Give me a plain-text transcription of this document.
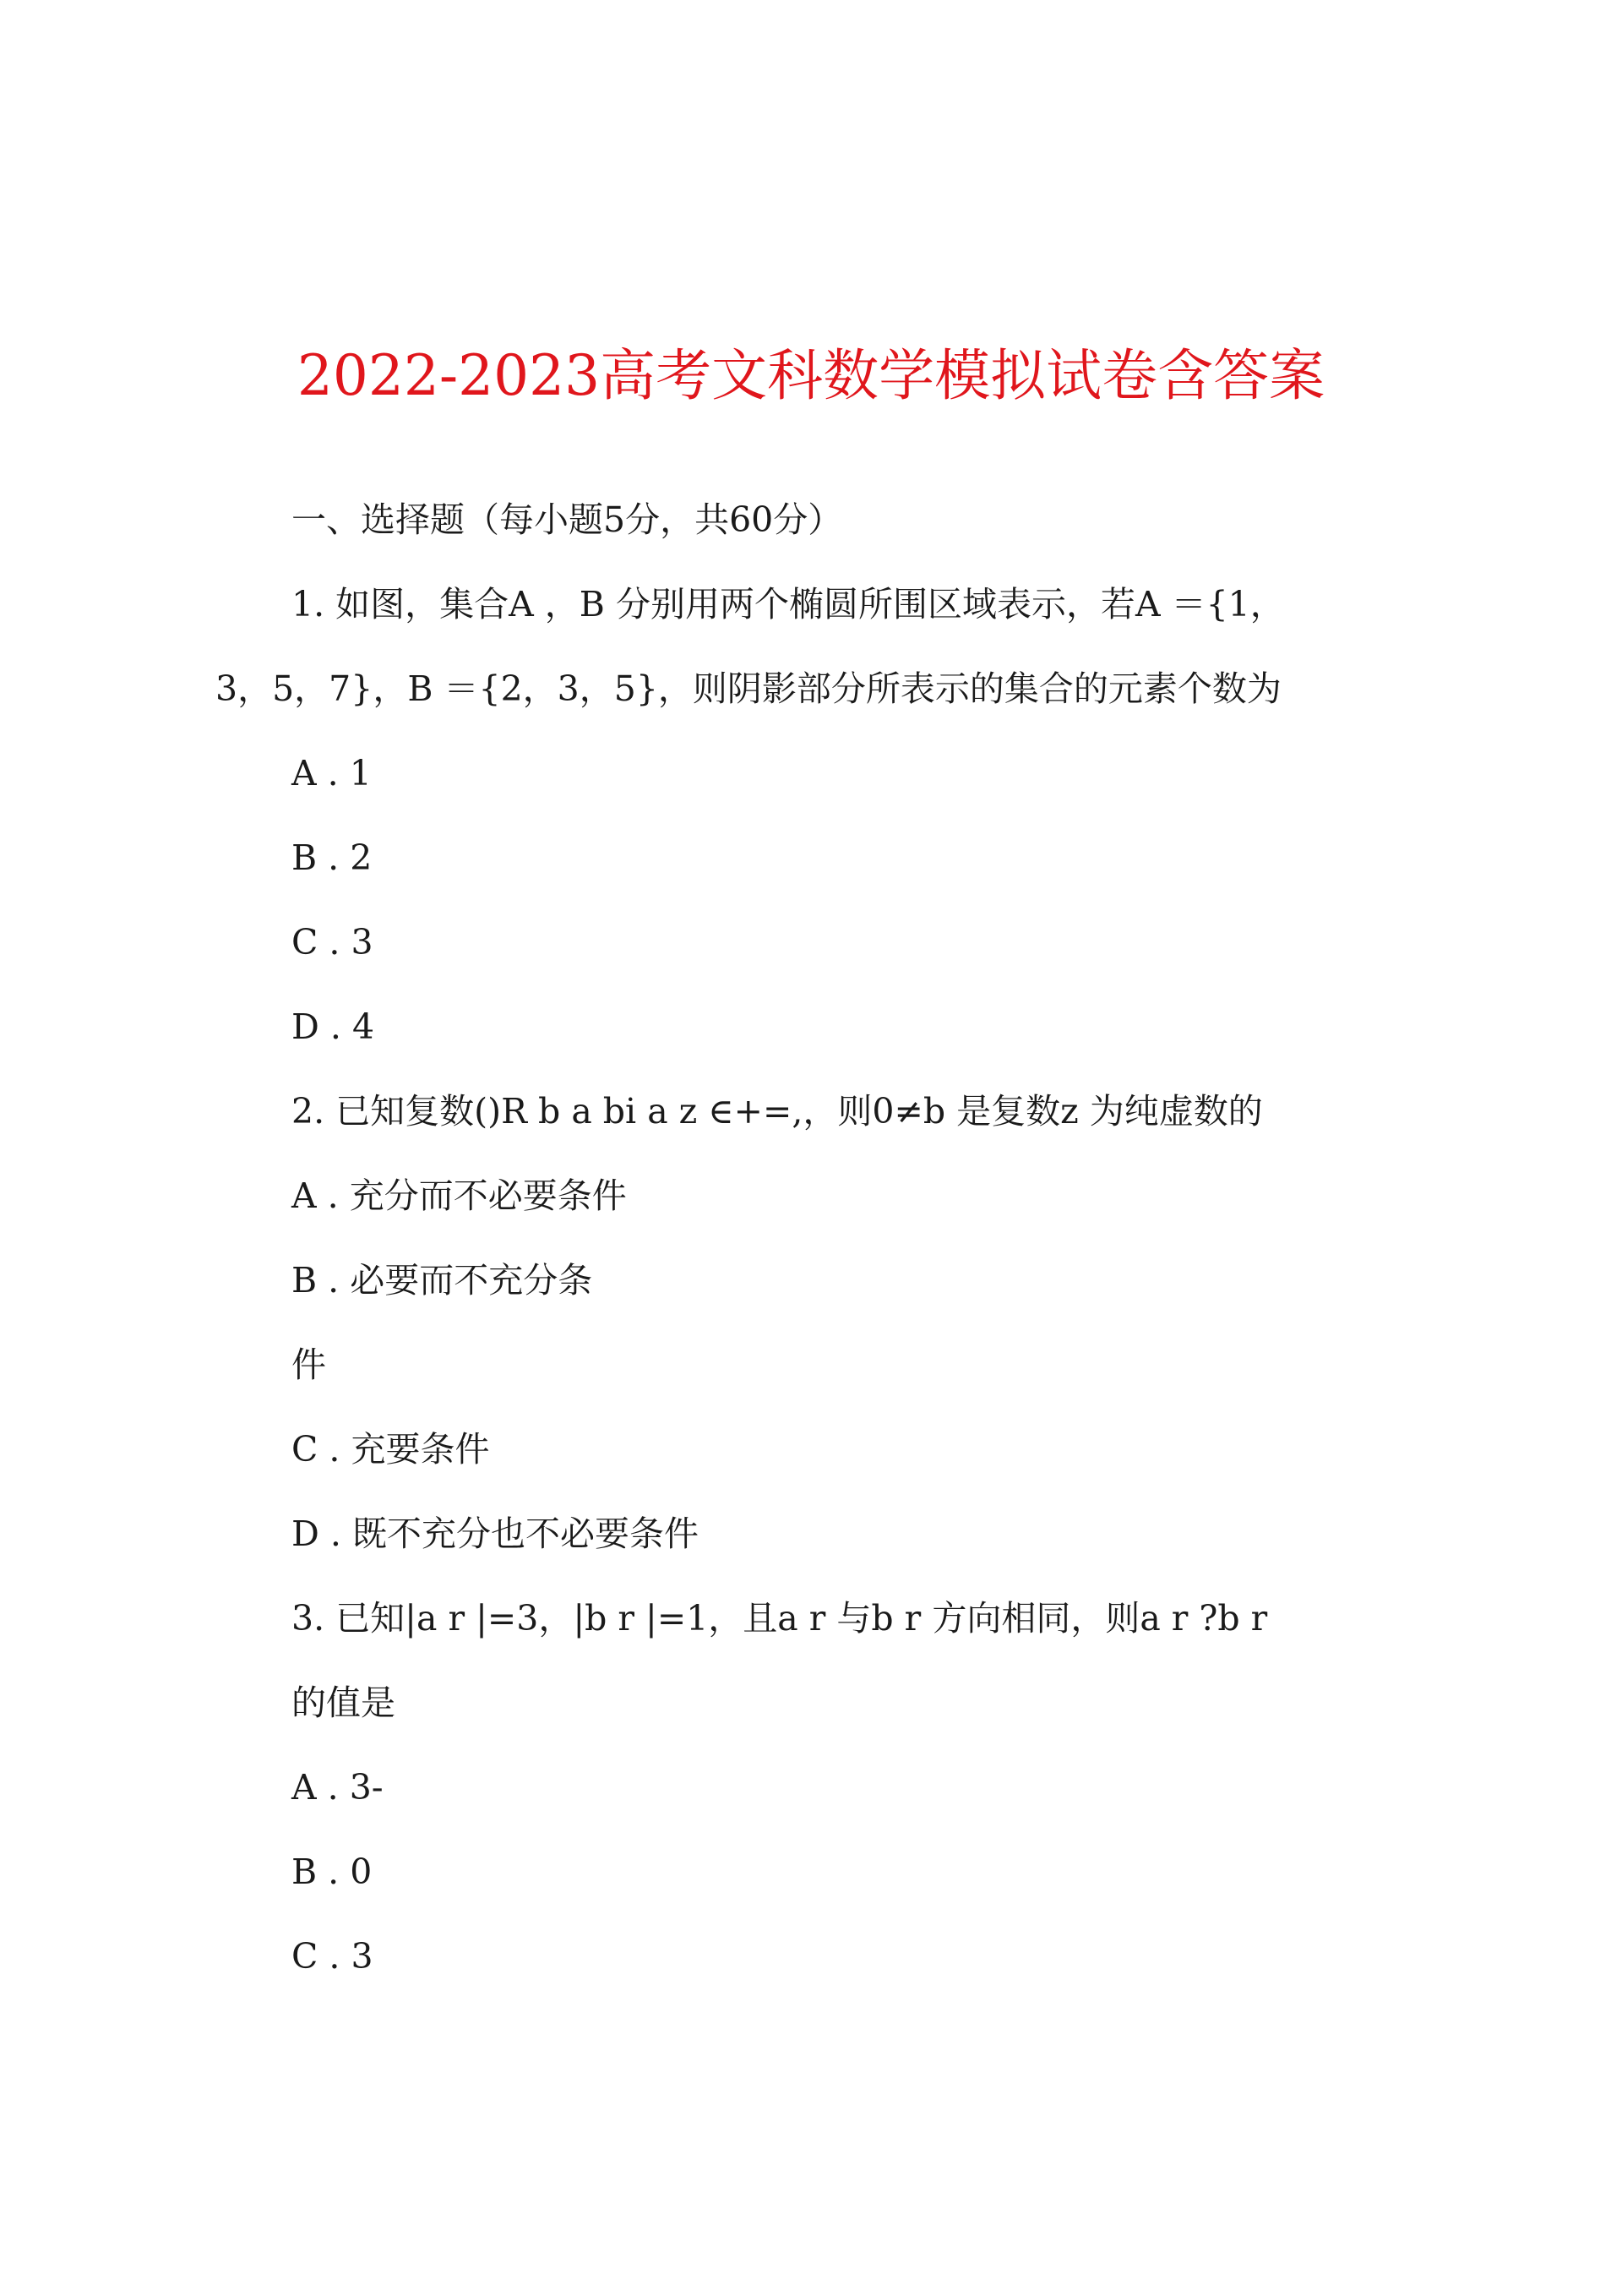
2022-2023高考文科数学模拟试卷含答案
一、选择题（每小题5分，共60分）
1. 如图，集合A ，B 分别用两个椭圆所围区域表示，若A ＝{1，
3，5，7}，B ＝{2，3，5}，则阴影部分所表示的集合的元素个数为
A . 1
B . 2
C . 3
D . 4
2. 已知复数()R b a bi a z ∈+=,，则0≠b 是复数z 为纯虚数的
A . 充分而不必要条件
B . 必要而不充分条
件
C . 充要条件
D . 既不充分也不必要条件
3. 已知|a r |=3，|b r |=1，且a r 与b r 方向相同，则a r ?b r
的值是
A . 3-
B . 0
C . 3
